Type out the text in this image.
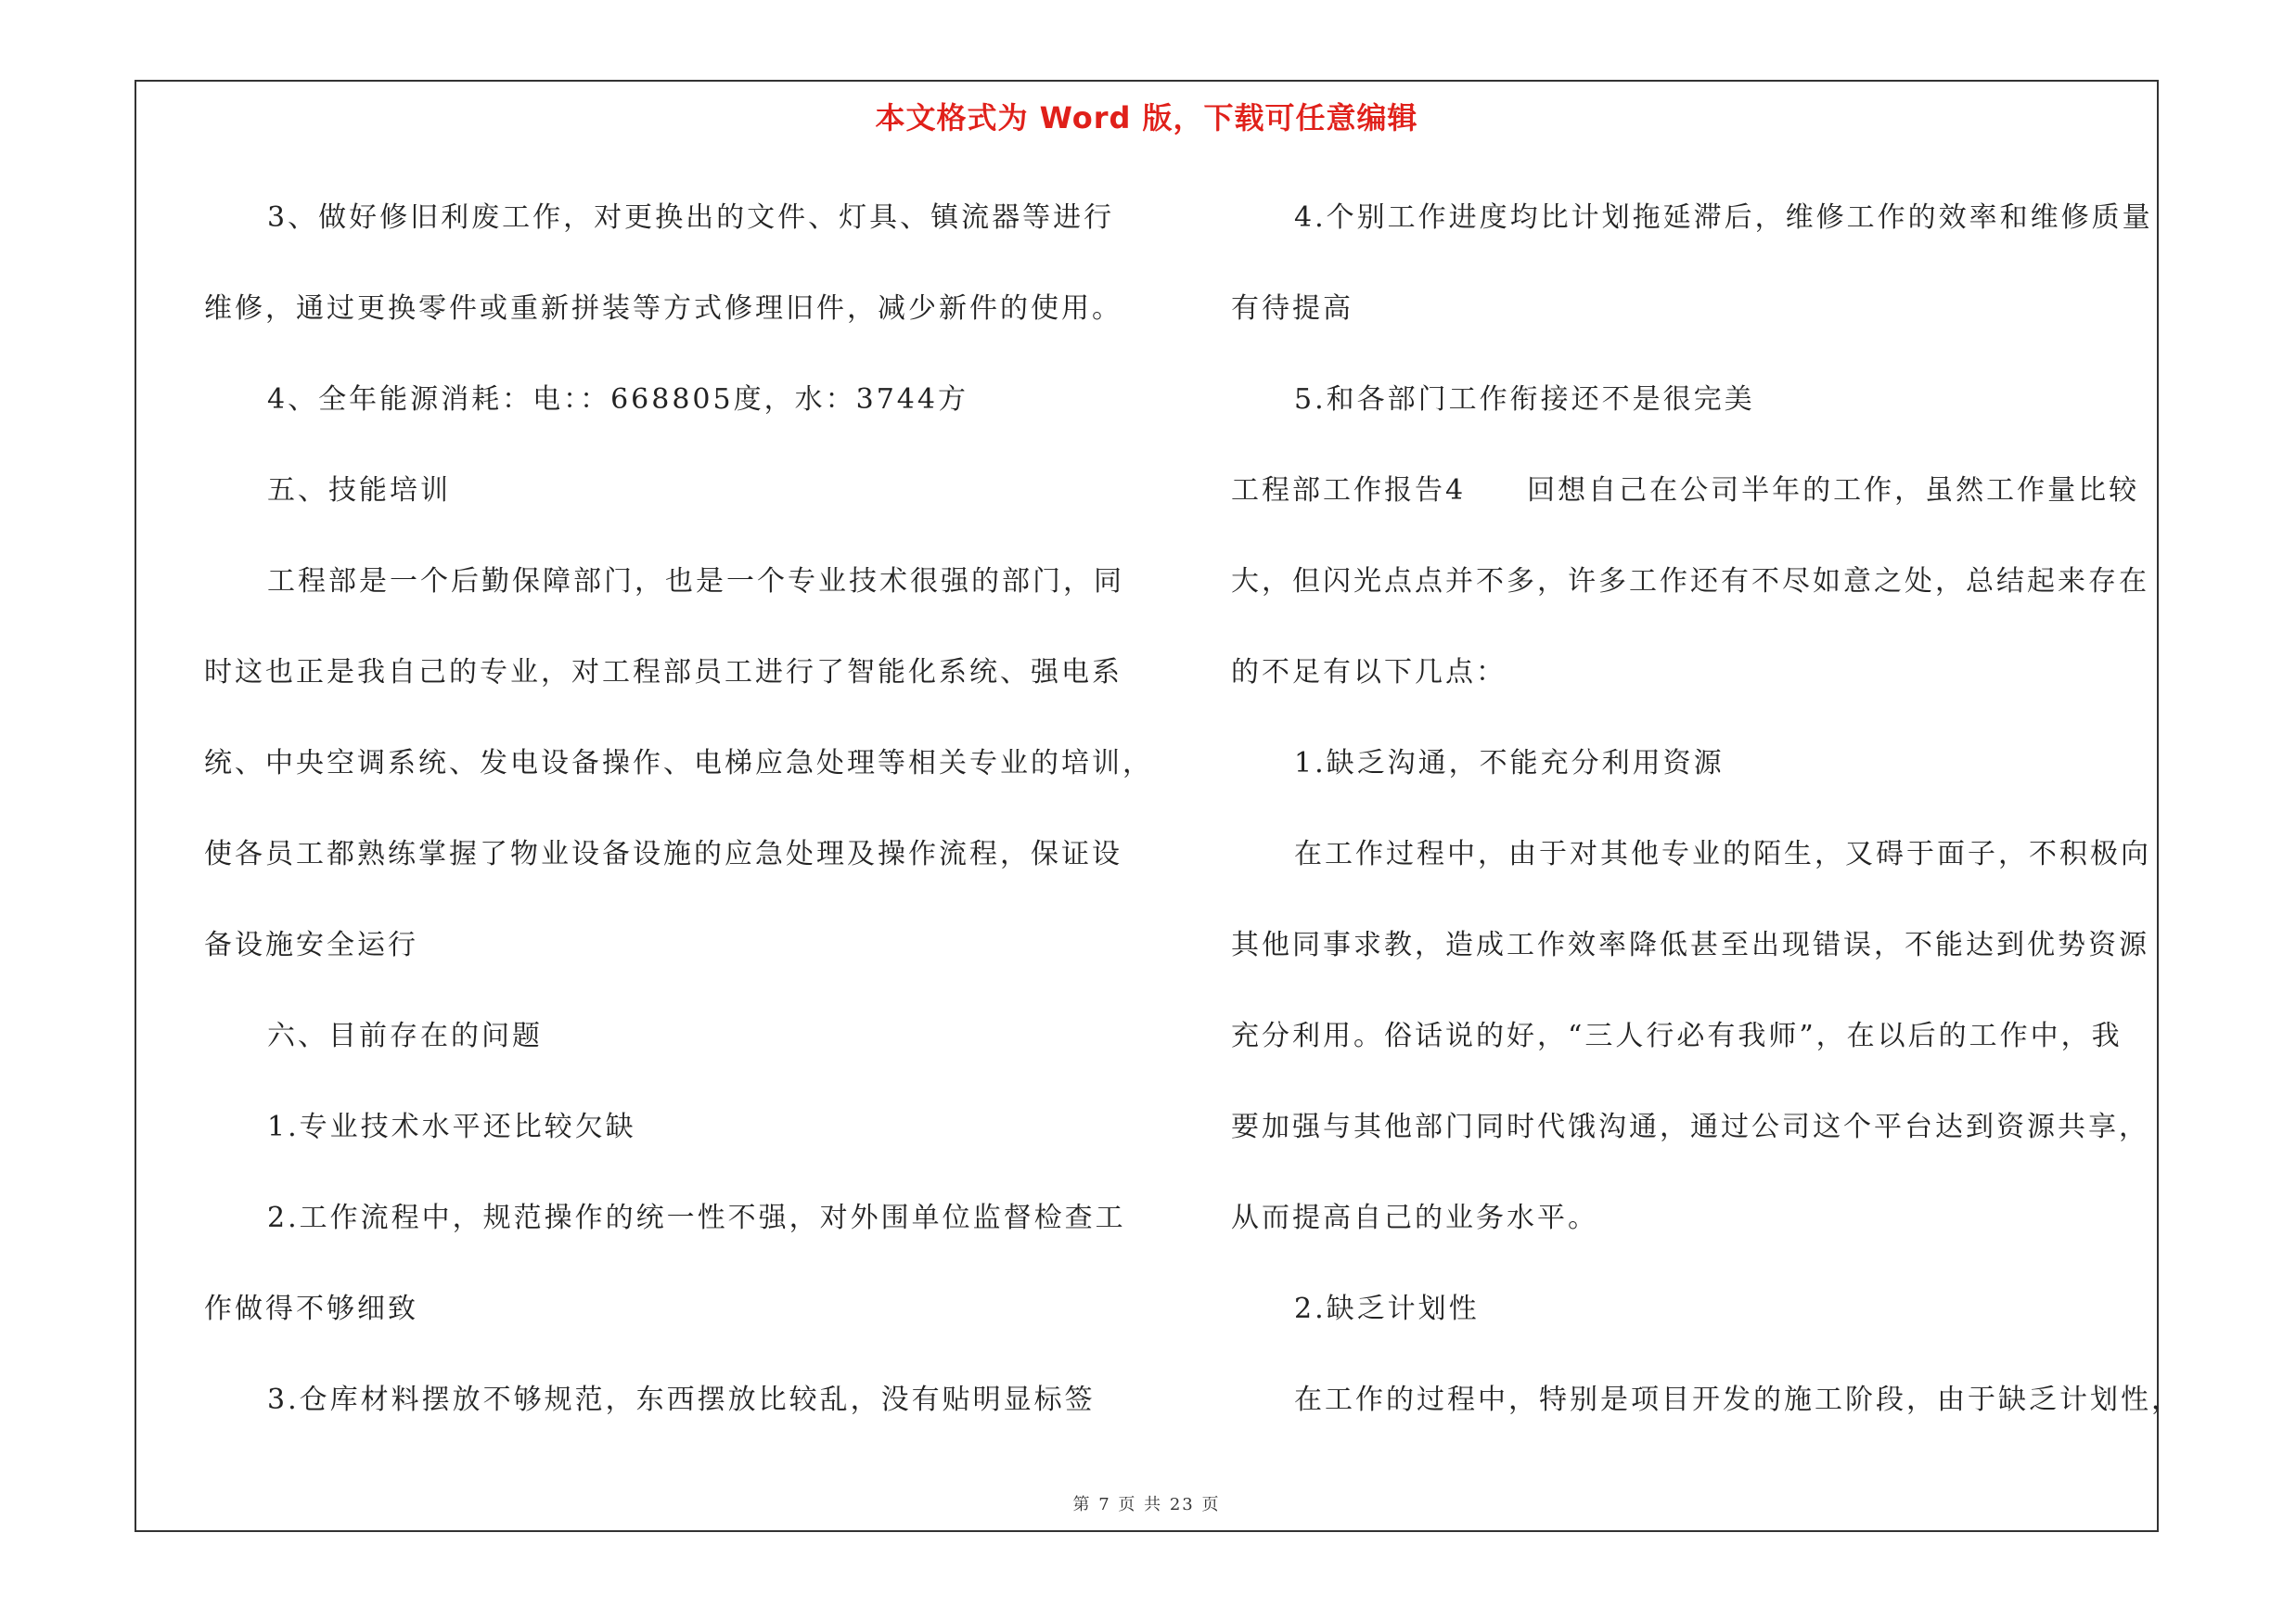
本文格式为 Word 版，下载可任意编辑

3、做好修旧利废工作，对更换出的文件、灯具、镇流器等进行

维修，通过更换零件或重新拼装等方式修理旧件，减少新件的使用。

4、全年能源消耗：电：：668805度，水：3744方

五、技能培训

工程部是一个后勤保障部门，也是一个专业技术很强的部门，同

时这也正是我自己的专业，对工程部员工进行了智能化系统、强电系

统、中央空调系统、发电设备操作、电梯应急处理等相关专业的培训，

使各员工都熟练掌握了物业设备设施的应急处理及操作流程，保证设

备设施安全运行

六、目前存在的问题

1.专业技术水平还比较欠缺

2.工作流程中，规范操作的统一性不强，对外围单位监督检查工

作做得不够细致

3.仓库材料摆放不够规范，东西摆放比较乱，没有贴明显标签

4.个别工作进度均比计划拖延滞后，维修工作的效率和维修质量

有待提高

5.和各部门工作衔接还不是很完美

工程部工作报告4　　回想自己在公司半年的工作，虽然工作量比较

大，但闪光点点并不多，许多工作还有不尽如意之处，总结起来存在

的不足有以下几点：

1.缺乏沟通，不能充分利用资源

在工作过程中，由于对其他专业的陌生，又碍于面子，不积极向

其他同事求教，造成工作效率降低甚至出现错误，不能达到优势资源

充分利用。俗话说的好，“三人行必有我师”，在以后的工作中，我

要加强与其他部门同时代饿沟通，通过公司这个平台达到资源共享，

从而提高自己的业务水平。

2.缺乏计划性

在工作的过程中，特别是项目开发的施工阶段，由于缺乏计划性，

第 7 页 共 23 页
